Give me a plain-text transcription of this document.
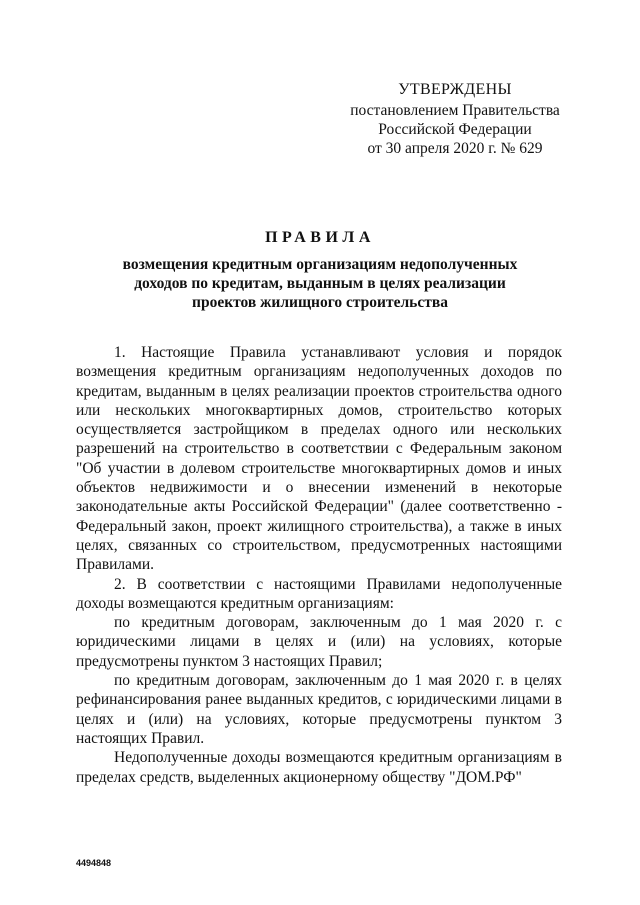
УТВЕРЖДЕНЫ
постановлением Правительства
Российской Федерации
от 30 апреля 2020 г. № 629
ПРАВИЛА
возмещения кредитным организациям недополученных
доходов по кредитам, выданным в целях реализации
проектов жилищного строительства

1. Настоящие Правила устанавливают условия и порядок возмещения кредитным организациям недополученных доходов по кредитам, выданным в целях реализации проектов строительства одного или нескольких многоквартирных домов, строительство которых осуществляется застройщиком в пределах одного или нескольких разрешений на строительство в соответствии с Федеральным законом "Об участии в долевом строительстве многоквартирных домов и иных объектов недвижимости и о внесении изменений в некоторые законодательные акты Российской Федерации" (далее соответственно - Федеральный закон, проект жилищного строительства), а также в иных целях, связанных со строительством, предусмотренных настоящими Правилами.

2. В соответствии с настоящими Правилами недополученные доходы возмещаются кредитным организациям:

по кредитным договорам, заключенным до 1 мая 2020 г. с юридическими лицами в целях и (или) на условиях, которые предусмотрены пунктом 3 настоящих Правил;

по кредитным договорам, заключенным до 1 мая 2020 г. в целях рефинансирования ранее выданных кредитов, с юридическими лицами в целях и (или) на условиях, которые предусмотрены пунктом 3 настоящих Правил.

Недополученные доходы возмещаются кредитным организациям в пределах средств, выделенных акционерному обществу "ДОМ.РФ"

4494848
